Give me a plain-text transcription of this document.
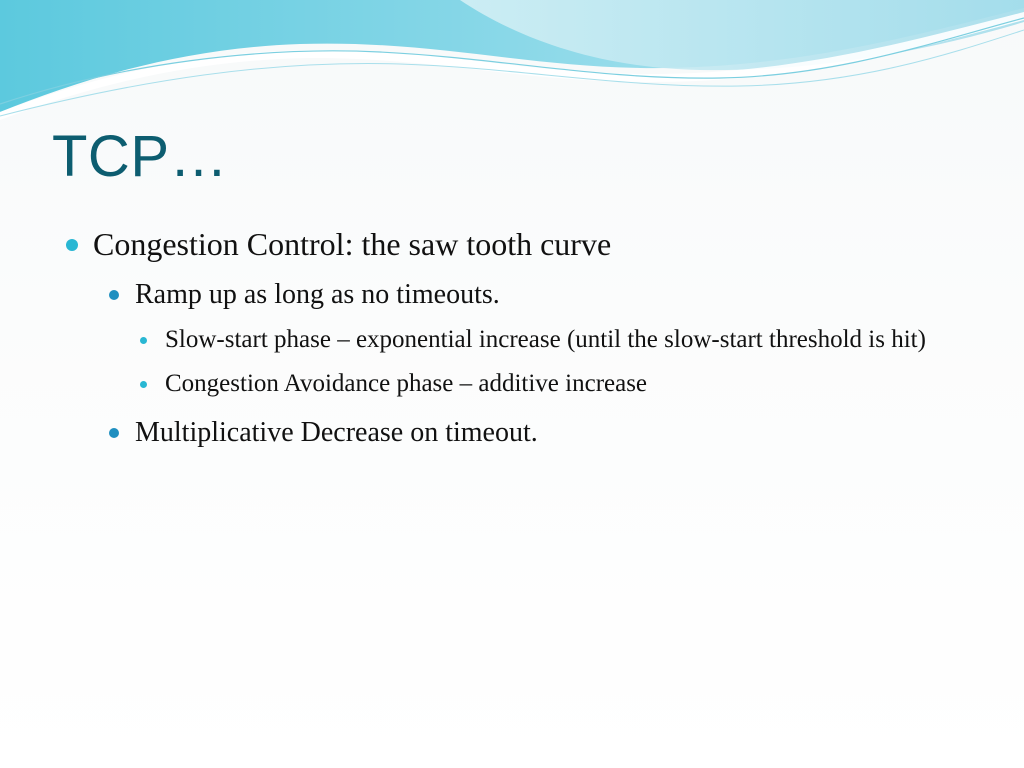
TCP…
Congestion Control: the saw tooth curve
Ramp up as long as no timeouts.
Slow-start phase – exponential increase (until the slow-start threshold is hit)
Congestion Avoidance phase – additive increase
Multiplicative Decrease on timeout.
